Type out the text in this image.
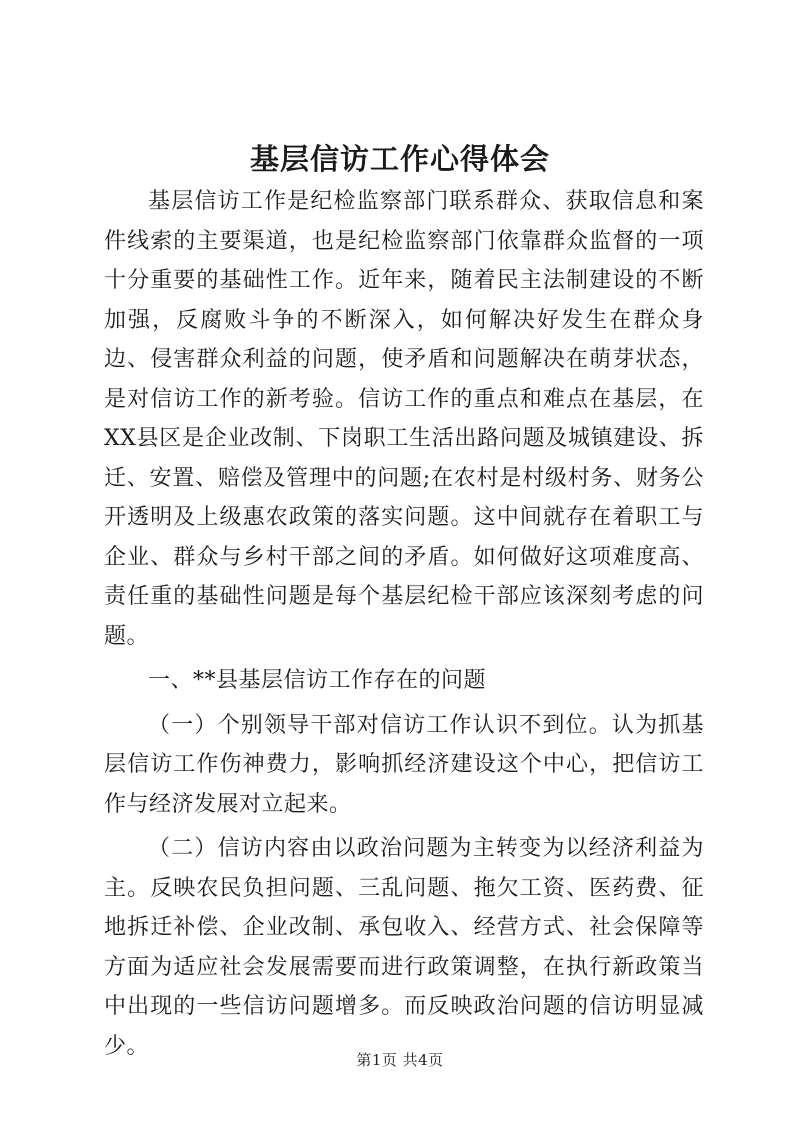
基层信访工作心得体会

基层信访工作是纪检监察部门联系群众、获取信息和案件线索的主要渠道，也是纪检监察部门依靠群众监督的一项十分重要的基础性工作。近年来，随着民主法制建设的不断加强，反腐败斗争的不断深入，如何解决好发生在群众身边、侵害群众利益的问题，使矛盾和问题解决在萌芽状态，是对信访工作的新考验。信访工作的重点和难点在基层，在XX县区是企业改制、下岗职工生活出路问题及城镇建设、拆迁、安置、赔偿及管理中的问题;在农村是村级村务、财务公开透明及上级惠农政策的落实问题。这中间就存在着职工与企业、群众与乡村干部之间的矛盾。如何做好这项难度高、责任重的基础性问题是每个基层纪检干部应该深刻考虑的问题。

一、**县基层信访工作存在的问题

（一）个别领导干部对信访工作认识不到位。认为抓基层信访工作伤神费力，影响抓经济建设这个中心，把信访工作与经济发展对立起来。

（二）信访内容由以政治问题为主转变为以经济利益为主。反映农民负担问题、三乱问题、拖欠工资、医药费、征地拆迁补偿、企业改制、承包收入、经营方式、社会保障等方面为适应社会发展需要而进行政策调整，在执行新政策当中出现的一些信访问题增多。而反映政治问题的信访明显减少。

第1页 共4页
